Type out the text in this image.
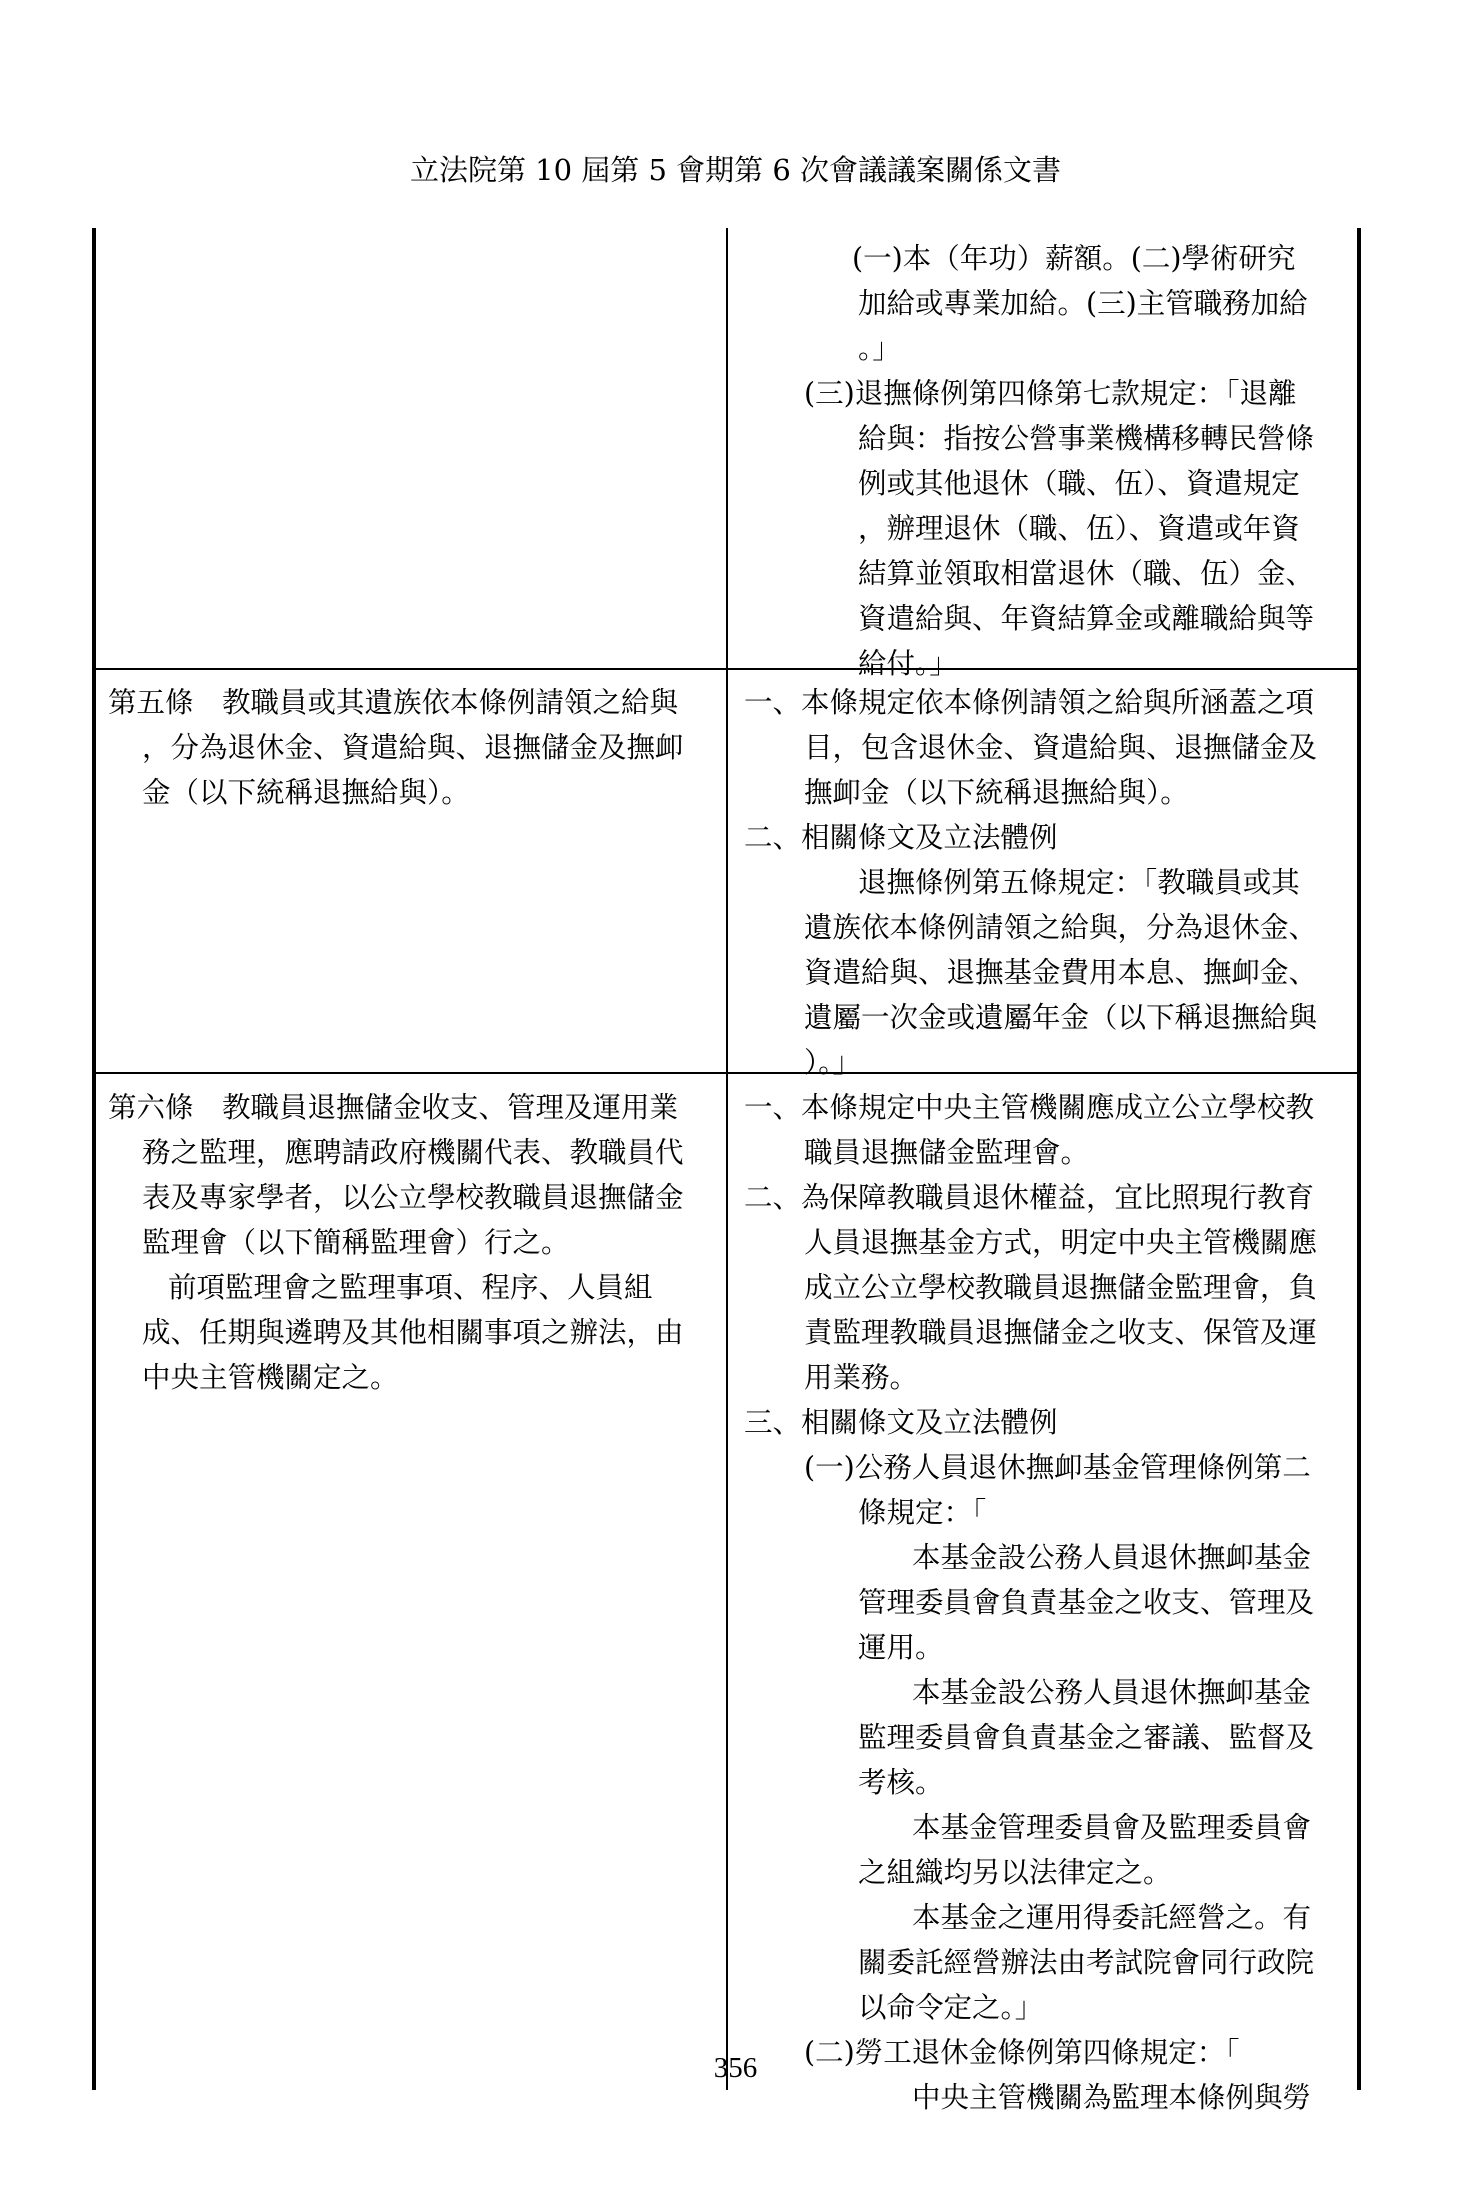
立法院第 10 屆第 5 會期第 6 次會議議案關係文書
(一)本（年功）薪額。(二)學術研究
加給或專業加給。(三)主管職務加給
。」
(三)退撫條例第四條第七款規定：「退離
給與：指按公營事業機構移轉民營條
例或其他退休（職、伍）、資遣規定
，辦理退休（職、伍）、資遣或年資
結算並領取相當退休（職、伍）金、
資遣給與、年資結算金或離職給與等
給付。」
第五條　教職員或其遺族依本條例請領之給與
，分為退休金、資遣給與、退撫儲金及撫卹
金（以下統稱退撫給與）。
一、本條規定依本條例請領之給與所涵蓋之項
目，包含退休金、資遣給與、退撫儲金及
撫卹金（以下統稱退撫給與）。
二、相關條文及立法體例
退撫條例第五條規定：「教職員或其
遺族依本條例請領之給與，分為退休金、
資遣給與、退撫基金費用本息、撫卹金、
遺屬一次金或遺屬年金（以下稱退撫給與
）。」
第六條　教職員退撫儲金收支、管理及運用業
務之監理，應聘請政府機關代表、教職員代
表及專家學者，以公立學校教職員退撫儲金
監理會（以下簡稱監理會）行之。
前項監理會之監理事項、程序、人員組
成、任期與遴聘及其他相關事項之辦法，由
中央主管機關定之。
一、本條規定中央主管機關應成立公立學校教
職員退撫儲金監理會。
二、為保障教職員退休權益，宜比照現行教育
人員退撫基金方式，明定中央主管機關應
成立公立學校教職員退撫儲金監理會，負
責監理教職員退撫儲金之收支、保管及運
用業務。
三、相關條文及立法體例
(一)公務人員退休撫卹基金管理條例第二
條規定：「
本基金設公務人員退休撫卹基金
管理委員會負責基金之收支、管理及
運用。
本基金設公務人員退休撫卹基金
監理委員會負責基金之審議、監督及
考核。
本基金管理委員會及監理委員會
之組織均另以法律定之。
本基金之運用得委託經營之。有
關委託經營辦法由考試院會同行政院
以命令定之。」
(二)勞工退休金條例第四條規定：「
中央主管機關為監理本條例與勞
356
